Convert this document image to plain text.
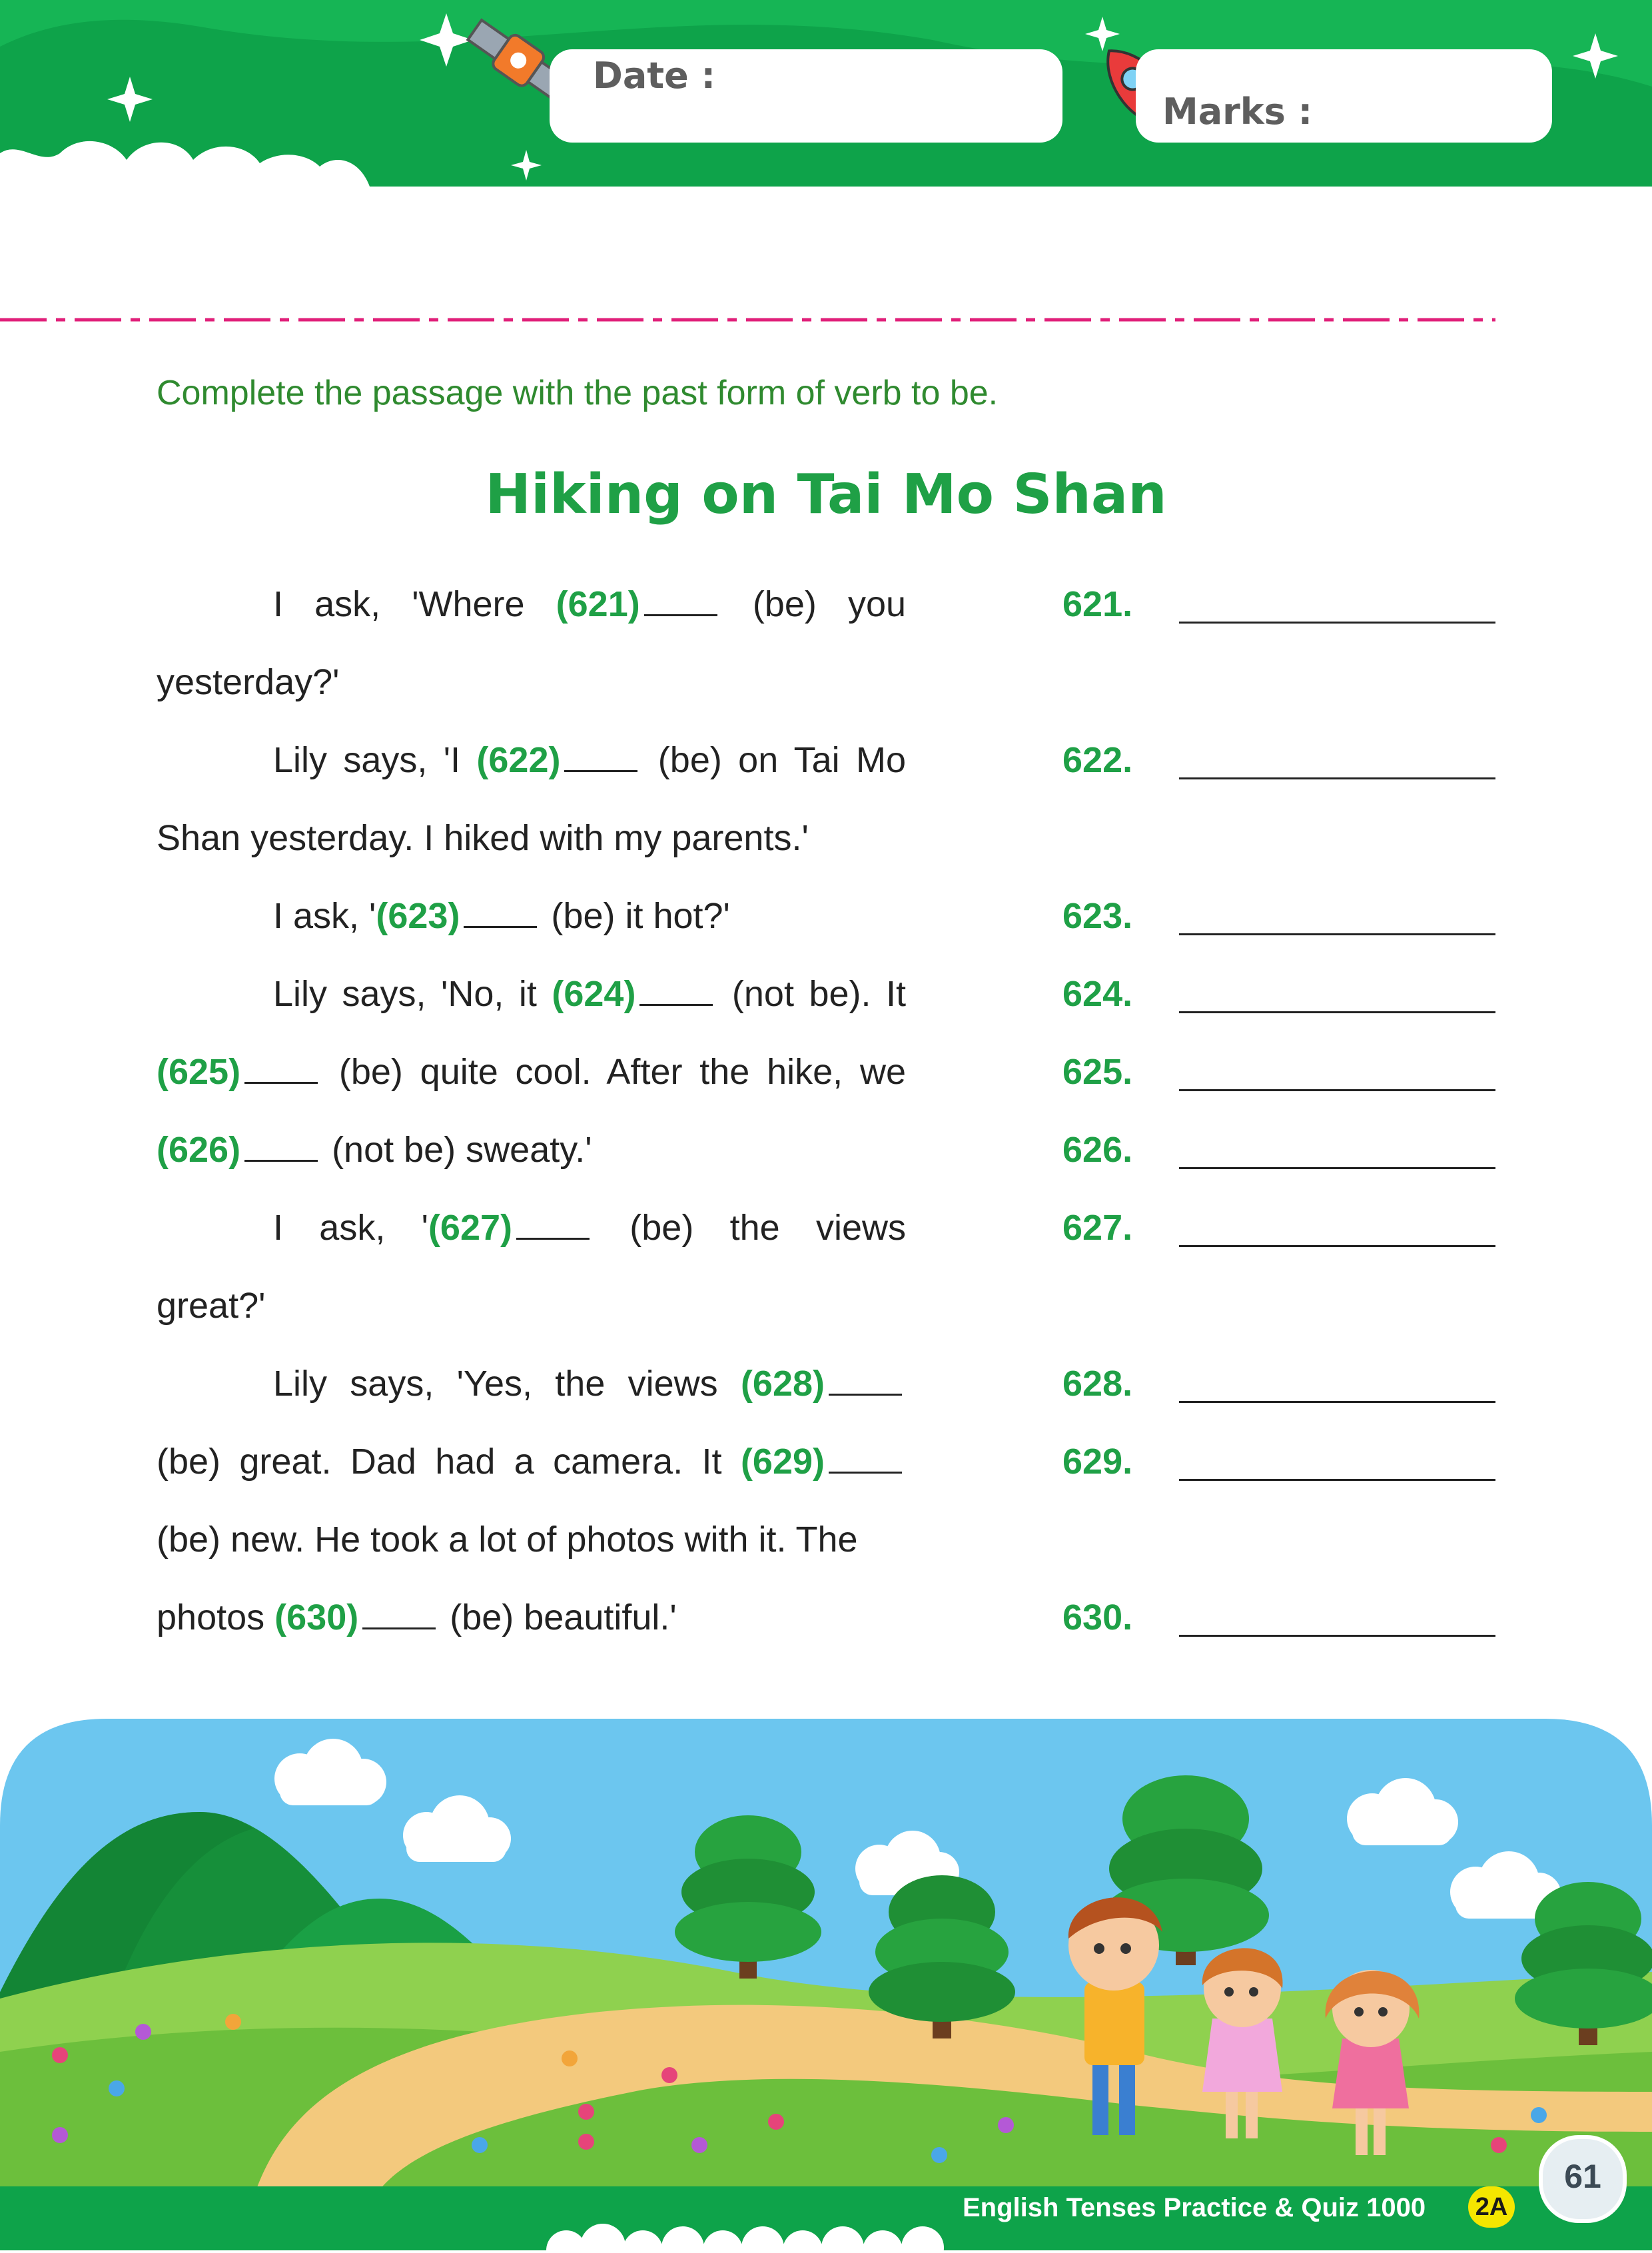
Date :
Marks :
Complete the passage with the past form of verb to be.
Hiking on Tai Mo Shan
I ask, 'Where (621) (be) you
yesterday?'
Lily says, 'I (622) (be) on Tai Mo
Shan yesterday. I hiked with my parents.'
I ask, '(623) (be) it hot?'
Lily says, 'No, it (624) (not be). It
(625) (be) quite cool. After the hike, we
(626) (not be) sweaty.'
I ask, '(627) (be) the views
great?'
Lily says, 'Yes, the views (628)
(be) great. Dad had a camera. It (629)
(be) new. He took a lot of photos with it. The
photos (630) (be) beautiful.'
621.
622.
623.
624.
625.
626.
627.
628.
629.
630.
English Tenses Practice & Quiz 1000 2A
61
